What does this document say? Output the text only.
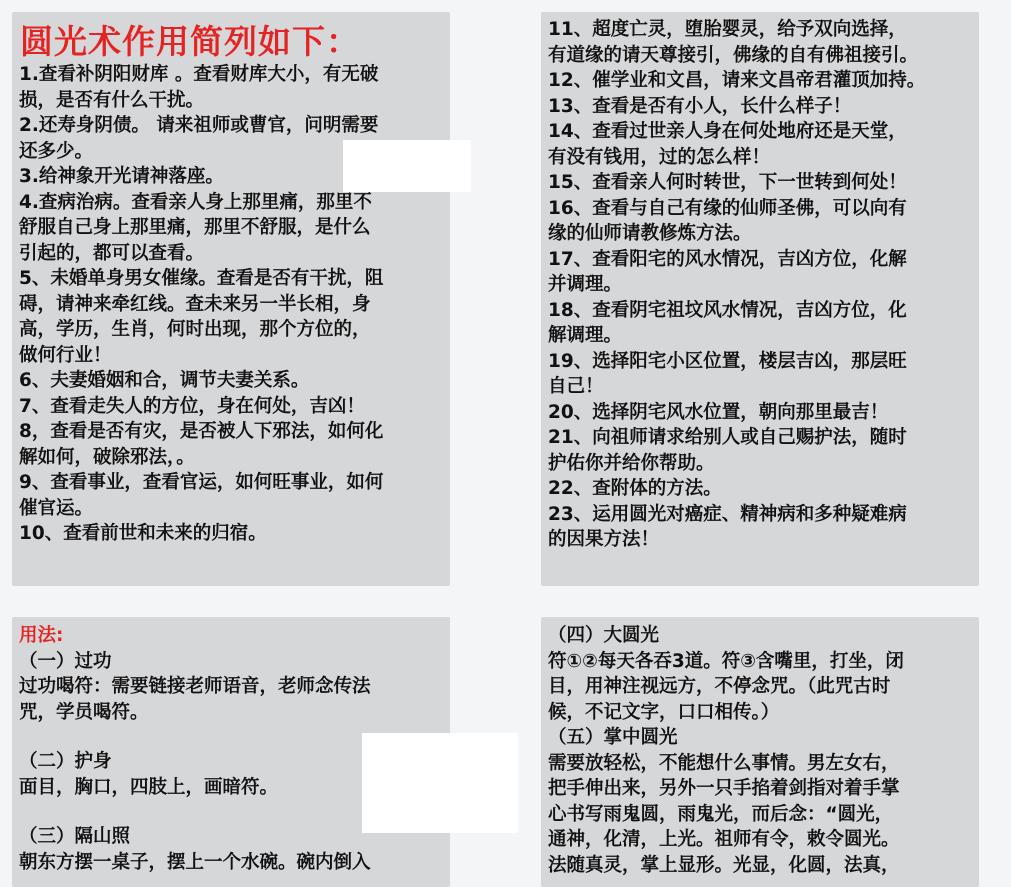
圆光术作用简列如下：
1.查看补阴阳财库 。查看财库大小，有无破
损，是否有什么干扰。
2.还寿身阴债。 请来祖师或曹官，问明需要
还多少。
3.给神象开光请神落座。
4.查病治病。查看亲人身上那里痛，那里不
舒服自己身上那里痛，那里不舒服，是什么
引起的，都可以查看。
5、未婚单身男女催缘。查看是否有干扰，阻
碍，请神来牵红线。查未来另一半长相，身
高，学历，生肖，何时出现，那个方位的，
做何行业！
6、夫妻婚姻和合，调节夫妻关系。
7、查看走失人的方位，身在何处，吉凶！
8，查看是否有灾，是否被人下邪法，如何化
解如何，破除邪法，。
9、查看事业，查看官运，如何旺事业，如何
催官运。
10、查看前世和未来的归宿。
11、超度亡灵，堕胎婴灵，给予双向选择，
有道缘的请天尊接引，佛缘的自有佛祖接引。
12、催学业和文昌，请来文昌帝君灌顶加持。
13、查看是否有小人，长什么样子！
14、查看过世亲人身在何处地府还是天堂，
有没有钱用，过的怎么样！
15、查看亲人何时转世，下一世转到何处！
16、查看与自己有缘的仙师圣佛，可以向有
缘的仙师请教修炼方法。
17、查看阳宅的风水情况，吉凶方位，化解
并调理。
18、查看阴宅祖坟风水情况，吉凶方位，化
解调理。
19、选择阳宅小区位置，楼层吉凶，那层旺
自己！
20、选择阴宅风水位置，朝向那里最吉！
21、向祖师请求给别人或自己赐护法，随时
护佑你并给你帮助。
22、查附体的方法。
23、运用圆光对癌症、精神病和多种疑难病
的因果方法！
用法:
（一）过功
过功喝符：需要链接老师语音，老师念传法
咒，学员喝符。
（二）护身
面目，胸口，四肢上，画暗符。
（三）隔山照
朝东方摆一桌子，摆上一个水碗。碗内倒入
（四）大圆光
符①②每天各吞3道。符③含嘴里，打坐，闭
目，用神注视远方，不停念咒。（此咒古时
候，不记文字，口口相传。）
（五）掌中圆光
需要放轻松，不能想什么事情。男左女右，
把手伸出来，另外一只手掐着剑指对着手掌
心书写雨鬼圆，雨鬼光，而后念：“圆光，
通神，化清，上光。祖师有令，敕令圆光。
法随真灵，掌上显形。光显，化圆，法真，
